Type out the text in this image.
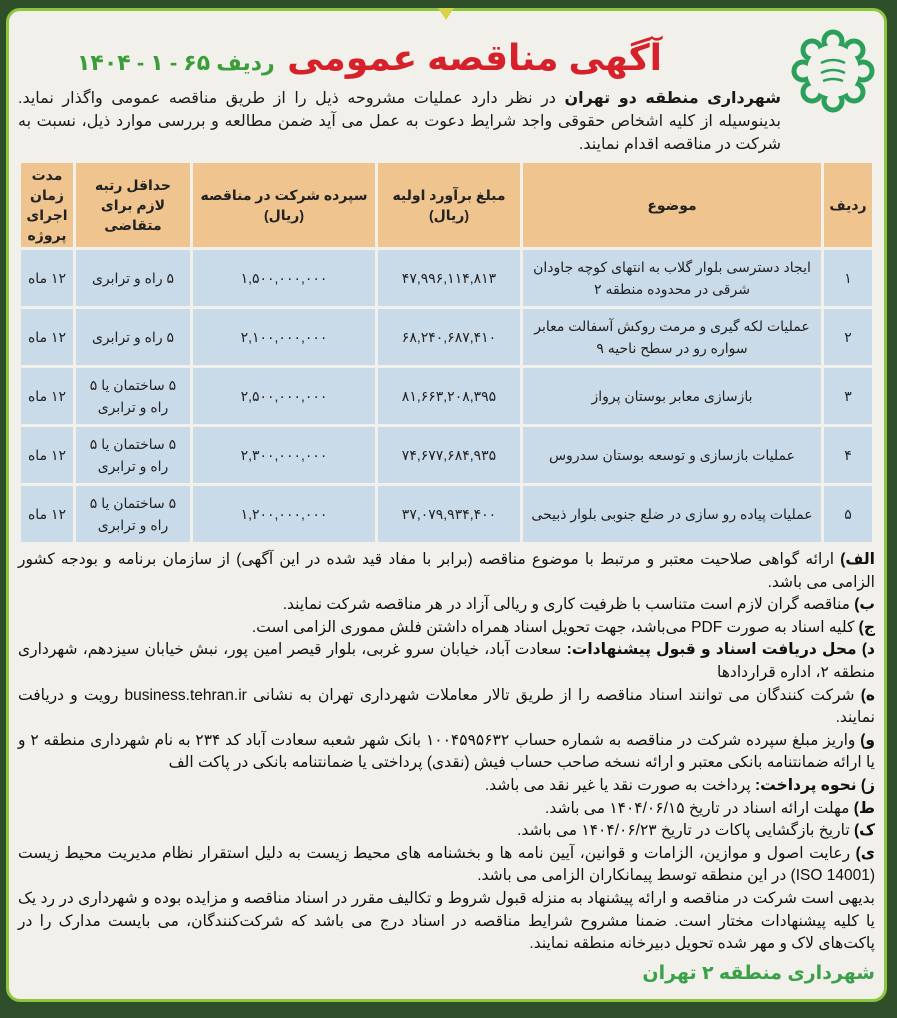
آگهی مناقصه عمومی ردیف ۶۵ - ۱ - ۱۴۰۴
شهرداری منطقه دو تهران در نظر دارد عملیات مشروحه ذیل را از طریق مناقصه عمومی واگذار نماید. بدینوسیله از کلیه اشخاص حقوقی واجد شرایط دعوت به عمل می آید ضمن مطالعه و بررسی موارد ذیل، نسبت به شرکت در مناقصه اقدام نمایند.
ردیف	موضوع	مبلغ برآورد اولیه (ریال)	سپرده شرکت در مناقصه (ریال)	حداقل رتبه لازم برای متقاضی	مدت زمان اجرای پروژه
۱	ایجاد دسترسی بلوار گلاب به انتهای کوچه جاودان شرقی در محدوده منطقه ۲	۴۷,۹۹۶,۱۱۴,۸۱۳	۱,۵۰۰,۰۰۰,۰۰۰	۵ راه و ترابری	۱۲ ماه
۲	عملیات لکه گیری و مرمت روکش آسفالت معابر سواره رو در سطح ناحیه ۹	۶۸,۲۴۰,۶۸۷,۴۱۰	۲,۱۰۰,۰۰۰,۰۰۰	۵ راه و ترابری	۱۲ ماه
۳	بازسازی معابر بوستان پرواز	۸۱,۶۶۳,۲۰۸,۳۹۵	۲,۵۰۰,۰۰۰,۰۰۰	۵ ساختمان یا ۵ راه و ترابری	۱۲ ماه
۴	عملیات بازسازی و توسعه بوستان سدروس	۷۴,۶۷۷,۶۸۴,۹۳۵	۲,۳۰۰,۰۰۰,۰۰۰	۵ ساختمان یا ۵ راه و ترابری	۱۲ ماه
۵	عملیات پیاده رو سازی در ضلع جنوبی بلوار ذبیحی	۳۷,۰۷۹,۹۳۴,۴۰۰	۱,۲۰۰,۰۰۰,۰۰۰	۵ ساختمان یا ۵ راه و ترابری	۱۲ ماه

الف) ارائه گواهی صلاحیت معتبر و مرتبط با موضوع مناقصه (برابر با مفاد قید شده در این آگهی) از سازمان برنامه و بودجه کشور الزامی می باشد.

ب) مناقصه گران لازم است متناسب با ظرفیت کاری و ریالی آزاد در هر مناقصه شرکت نمایند.

ج) کلیه اسناد به صورت PDF می‌باشد، جهت تحویل اسناد همراه داشتن فلش مموری الزامی است.

د) محل دریافت اسناد و قبول پیشنهادات: سعادت آباد، خیابان سرو غربی، بلوار قیصر امین پور، نبش خیابان سیزدهم، شهرداری منطقه ۲، اداره قراردادها

ه) شرکت کنندگان می توانند اسناد مناقصه را از طریق تالار معاملات شهرداری تهران به نشانی business.tehran.ir رویت و دریافت نمایند.

و) واریز مبلغ سپرده شرکت در مناقصه به شماره حساب ۱۰۰۴۵۹۵۶۳۲ بانک شهر شعبه سعادت آباد کد ۲۳۴ به نام شهرداری منطقه ۲ و یا ارائه ضمانتنامه بانکی معتبر و ارائه نسخه صاحب حساب فیش (نقدی) پرداختی یا ضمانتنامه بانکی در پاکت الف

ز) نحوه پرداخت: پرداخت به صورت نقد یا غیر نقد می باشد.

ط) مهلت ارائه اسناد در تاریخ ۱۴۰۴/۰۶/۱۵ می باشد.

ک) تاریخ بازگشایی پاکات در تاریخ ۱۴۰۴/۰۶/۲۳ می باشد.

ی) رعایت اصول و موازین، الزامات و قوانین، آیین نامه ها و بخشنامه های محیط زیست به دلیل استقرار نظام مدیریت محیط زیست (ISO 14001) در این منطقه توسط پیمانکاران الزامی می باشد.

بدیهی است شرکت در مناقصه و ارائه پیشنهاد به منزله قبول شروط و تکالیف مقرر در اسناد مناقصه و مزایده بوده و شهرداری در رد یک یا کلیه پیشنهادات مختار است. ضمنا مشروح شرایط مناقصه در اسناد درج می باشد که شرکت‌کنندگان، می بایست مدارک را در پاکت‌های لاک و مهر شده تحویل دبیرخانه منطقه نمایند.

شهرداری منطقه ۲ تهران
